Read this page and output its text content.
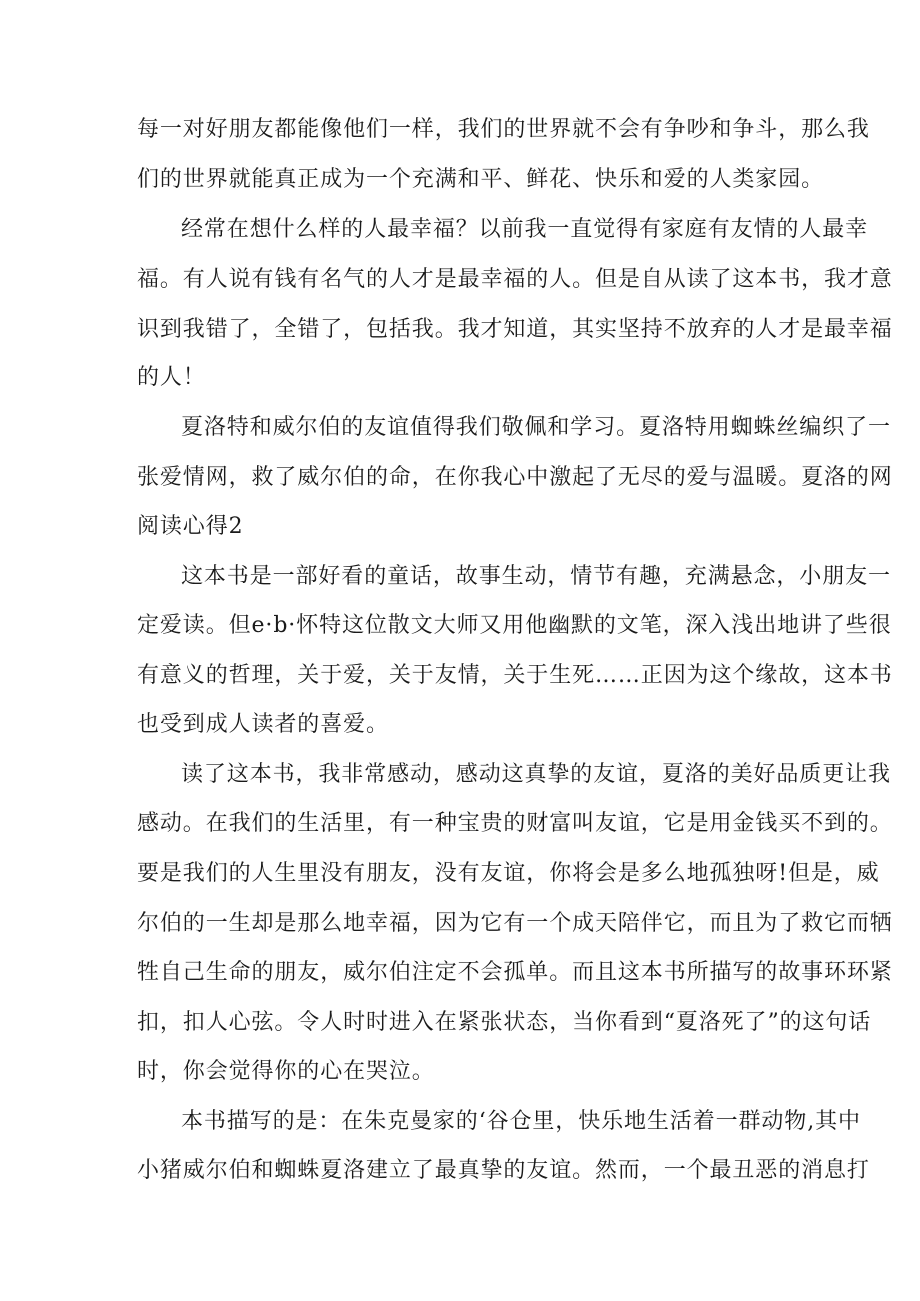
每一对好朋友都能像他们一样，我们的世界就不会有争吵和争斗，那么我

们的世界就能真正成为一个充满和平、鲜花、快乐和爱的人类家园。

经常在想什么样的人最幸福？以前我一直觉得有家庭有友情的人最幸

福。有人说有钱有名气的人才是最幸福的人。但是自从读了这本书，我才意

识到我错了，全错了，包括我。我才知道，其实坚持不放弃的人才是最幸福

的人！

夏洛特和威尔伯的友谊值得我们敬佩和学习。夏洛特用蜘蛛丝编织了一

张爱情网，救了威尔伯的命，在你我心中激起了无尽的爱与温暖。夏洛的网

阅读心得2

这本书是一部好看的童话，故事生动，情节有趣，充满悬念，小朋友一

定爱读。但e·b·怀特这位散文大师又用他幽默的文笔，深入浅出地讲了些很

有意义的哲理，关于爱，关于友情，关于生死……正因为这个缘故，这本书

也受到成人读者的喜爱。

读了这本书，我非常感动，感动这真挚的友谊，夏洛的美好品质更让我

感动。在我们的生活里，有一种宝贵的财富叫友谊，它是用金钱买不到的。

要是我们的人生里没有朋友，没有友谊，你将会是多么地孤独呀!但是，威

尔伯的一生却是那么地幸福，因为它有一个成天陪伴它，而且为了救它而牺

牲自己生命的朋友，威尔伯注定不会孤单。而且这本书所描写的故事环环紧

扣，扣人心弦。令人时时进入在紧张状态，当你看到“夏洛死了”的这句话

时，你会觉得你的心在哭泣。

本书描写的是：在朱克曼家的‘谷仓里，快乐地生活着一群动物,其中

小猪威尔伯和蜘蛛夏洛建立了最真挚的友谊。然而，一个最丑恶的消息打
